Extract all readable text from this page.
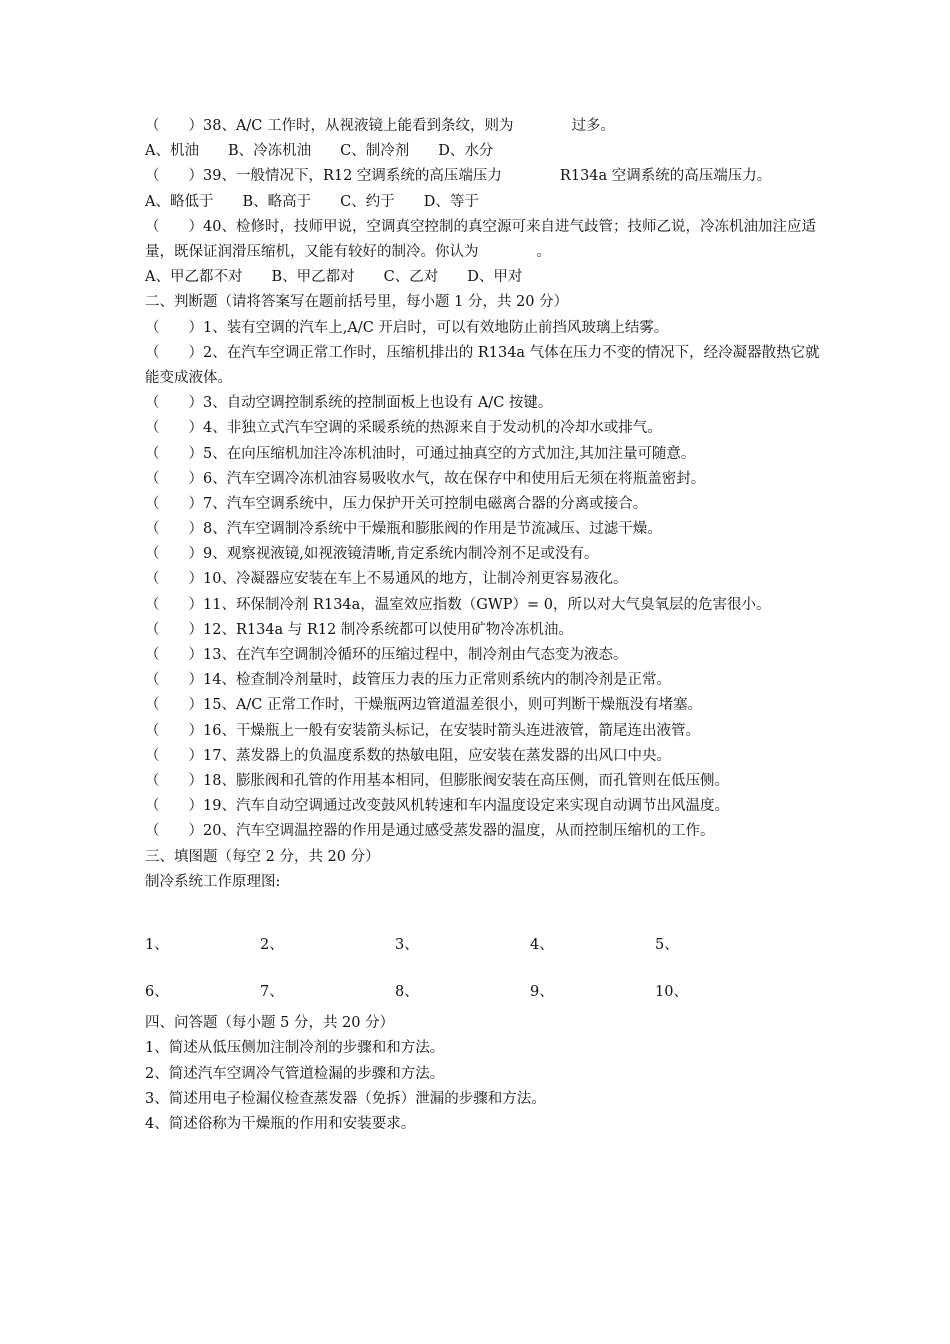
（　　）38、A/C 工作时，从视液镜上能看到条纹，则为　　　　过多。
A、机油　　B、冷冻机油　　C、制冷剂　　D、水分
（　　）39、一般情况下，R12 空调系统的高压端压力　　　　R134a 空调系统的高压端压力。
A、略低于　　B、略高于　　C、约于　　D、等于
（　　）40、检修时，技师甲说，空调真空控制的真空源可来自进气歧管；技师乙说，冷冻机油加注应适量，既保证润滑压缩机，又能有较好的制冷。你认为　　　　。
A、甲乙都不对　　B、甲乙都对　　C、乙对　　D、甲对
二、判断题（请将答案写在题前括号里，每小题 1 分，共 20 分）
（　　）1、装有空调的汽车上,A/C 开启时，可以有效地防止前挡风玻璃上结雾。
（　　）2、在汽车空调正常工作时，压缩机排出的 R134a 气体在压力不变的情况下，经冷凝器散热它就能变成液体。
（　　）3、自动空调控制系统的控制面板上也设有 A/C 按键。
（　　）4、非独立式汽车空调的采暖系统的热源来自于发动机的冷却水或排气。
（　　）5、在向压缩机加注冷冻机油时，可通过抽真空的方式加注,其加注量可随意。
（　　）6、汽车空调冷冻机油容易吸收水气，故在保存中和使用后无须在将瓶盖密封。
（　　）7、汽车空调系统中，压力保护开关可控制电磁离合器的分离或接合。
（　　）8、汽车空调制冷系统中干燥瓶和膨胀阀的作用是节流减压、过滤干燥。
（　　）9、观察视液镜,如视液镜清晰,肯定系统内制冷剂不足或没有。
（　　）10、冷凝器应安装在车上不易通风的地方，让制冷剂更容易液化。
（　　）11、环保制冷剂 R134a，温室效应指数（GWP）= 0，所以对大气臭氧层的危害很小。
（　　）12、R134a 与 R12 制冷系统都可以使用矿物冷冻机油。
（　　）13、在汽车空调制冷循环的压缩过程中，制冷剂由气态变为液态。
（　　）14、检查制冷剂量时，歧管压力表的压力正常则系统内的制冷剂是正常。
（　　）15、A/C 正常工作时，干燥瓶两边管道温差很小，则可判断干燥瓶没有堵塞。
（　　）16、干燥瓶上一般有安装箭头标记，在安装时箭头连进液管，箭尾连出液管。
（　　）17、蒸发器上的负温度系数的热敏电阻，应安装在蒸发器的出风口中央。
（　　）18、膨胀阀和孔管的作用基本相同，但膨胀阀安装在高压侧，而孔管则在低压侧。
（　　）19、汽车自动空调通过改变鼓风机转速和车内温度设定来实现自动调节出风温度。
（　　）20、汽车空调温控器的作用是通过感受蒸发器的温度，从而控制压缩机的工作。
三、填图题（每空 2 分，共 20 分）
制冷系统工作原理图:
1、	2、	3、	4、	5、
6、	7、	8、	9、	10、
四、问答题（每小题 5 分，共 20 分）
1、简述从低压侧加注制冷剂的步骤和和方法。
2、简述汽车空调冷气管道检漏的步骤和方法。
3、简述用电子检漏仪检查蒸发器（免拆）泄漏的步骤和方法。
4、简述俗称为干燥瓶的作用和安装要求。
